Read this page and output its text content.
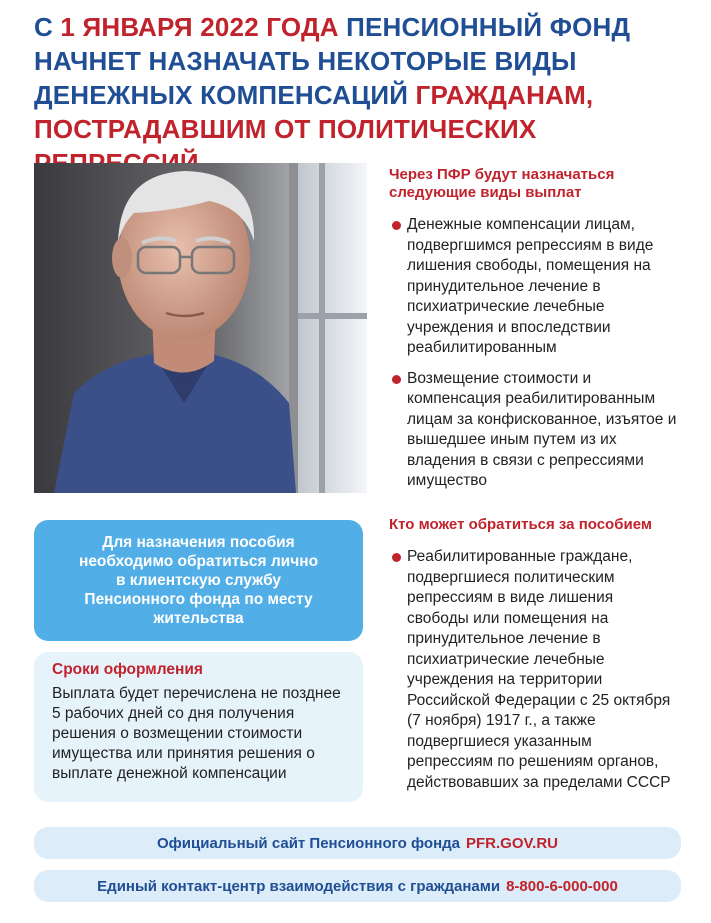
С 1 ЯНВАРЯ 2022 ГОДА ПЕНСИОННЫЙ ФОНД НАЧНЕТ НАЗНАЧАТЬ НЕКОТОРЫЕ ВИДЫ ДЕНЕЖНЫХ КОМПЕНСАЦИЙ ГРАЖДАНАМ, ПОСТРАДАВШИМ ОТ ПОЛИТИЧЕСКИХ
Через ПФР будут назначаться
следующие виды выплат
Денежные компенсации лицам, подвергшимся репрессиям в виде лишения свободы, помещения на принудительное лечение в психиатрические лечебные учреждения и впоследствии реабилитированным
Возмещение стоимости и компенсация реабилитированным лицам за конфискованное, изъятое и вышедшее иным путем из их владения в связи с репрессиями имущество
Кто может обратиться за пособием
Реабилитированные граждане, подвергшиеся политическим репрессиям в виде лишения свободы или помещения на принудительное лечение в психиатрические лечебные учреждения на территории Российской Федерации с 25 октября (7 ноября) 1917 г., а также подвергшиеся указанным репрессиям по решениям органов, действовавших за пределами СССР
Для назначения пособия необходимо обратиться лично в клиентскую службу Пенсионного фонда по месту жительства
Сроки оформления

Выплата будет перечислена не позднее 5 рабочих дней со дня получения решения о возмещении стоимости имущества или принятия решения о выплате денежной компенсации

Официальный сайт Пенсионного фонда PFR.GOV.RU
Единый контакт-центр взаимодействия с гражданами 8-800-6-000-000
